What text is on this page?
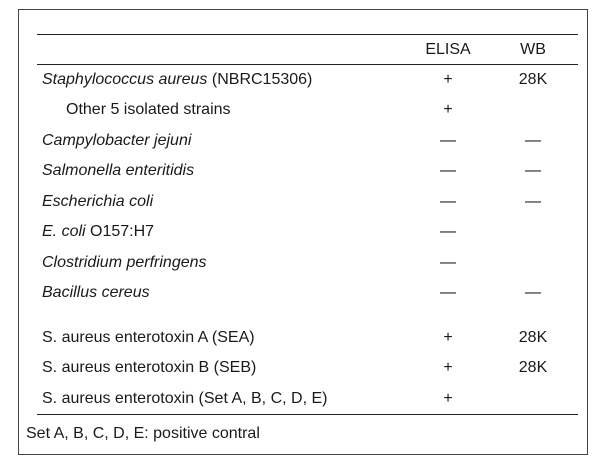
ELISA	WB
Staphylococcus aureus (NBRC15306)	+	28K
Other 5 isolated strains	+
Campylobacter jejuni	—	—
Salmonella enteritidis	—	—
Escherichia coli	—	—
E. coli O157:H7	—
Clostridium perfringens	—
Bacillus cereus	—	—
S. aureus enterotoxin A (SEA)	+	28K
S. aureus enterotoxin B (SEB)	+	28K
S. aureus enterotoxin (Set A, B, C, D, E)	+
Set A, B, C, D, E: positive contral
